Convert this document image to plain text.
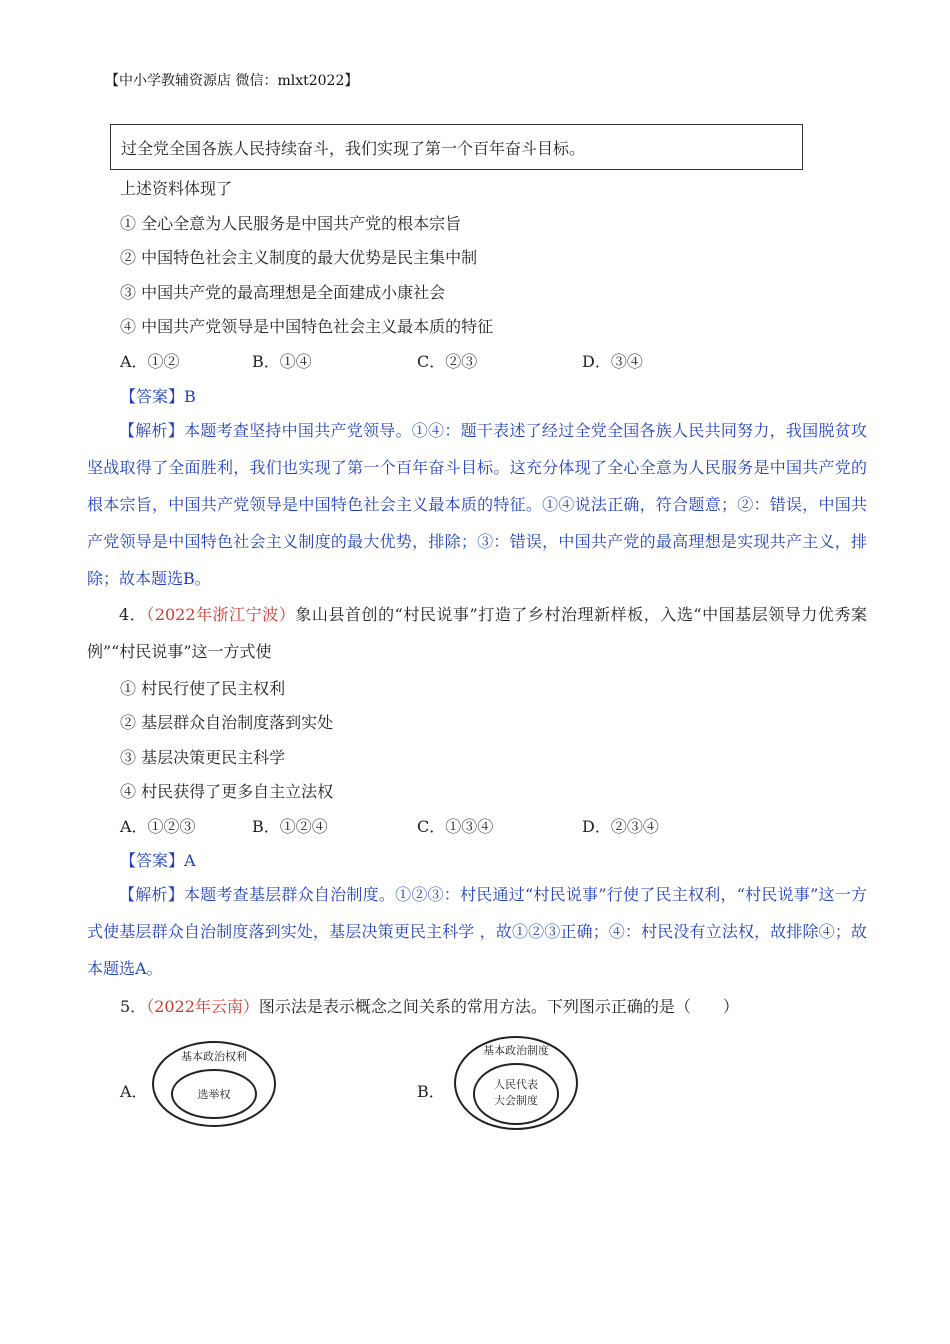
【中小学教辅资源店 微信：mlxt2022】
过全党全国各族人民持续奋斗，我们实现了第一个百年奋斗目标。
上述资料体现了
① 全心全意为人民服务是中国共产党的根本宗旨
② 中国特色社会主义制度的最大优势是民主集中制
③ 中国共产党的最高理想是全面建成小康社会
④ 中国共产党领导是中国特色社会主义最本质的特征
A．①②	B．①④	C．②③	D．③④
【答案】B
【解析】本题考查坚持中国共产党领导。①④：题干表述了经过全党全国各族人民共同努力，我国脱贫攻坚战取得了全面胜利，我们也实现了第一个百年奋斗目标。这充分体现了全心全意为人民服务是中国共产党的根本宗旨，中国共产党领导是中国特色社会主义最本质的特征。①④说法正确，符合题意；②：错误，中国共产党领导是中国特色社会主义制度的最大优势，排除；③：错误，中国共产党的最高理想是实现共产主义，排除；故本题选B。
4．（2022年浙江宁波）象山县首创的“村民说事”打造了乡村治理新样板，入选“中国基层领导力优秀案例”“村民说事”这一方式使
① 村民行使了民主权利
② 基层群众自治制度落到实处
③ 基层决策更民主科学
④ 村民获得了更多自主立法权
A．①②③	B．①②④	C．①③④	D．②③④
【答案】A
【解析】本题考查基层群众自治制度。①②③：村民通过“村民说事”行使了民主权利，“村民说事”这一方式使基层群众自治制度落到实处，基层决策更民主科学 ，故①②③正确；④：村民没有立法权，故排除④；故本题选A。
5．（2022年云南）图示法是表示概念之间关系的常用方法。下列图示正确的是（　　）
A．
基本政治权利
选举权	B．
基本政治制度
人民代表
大会制度
